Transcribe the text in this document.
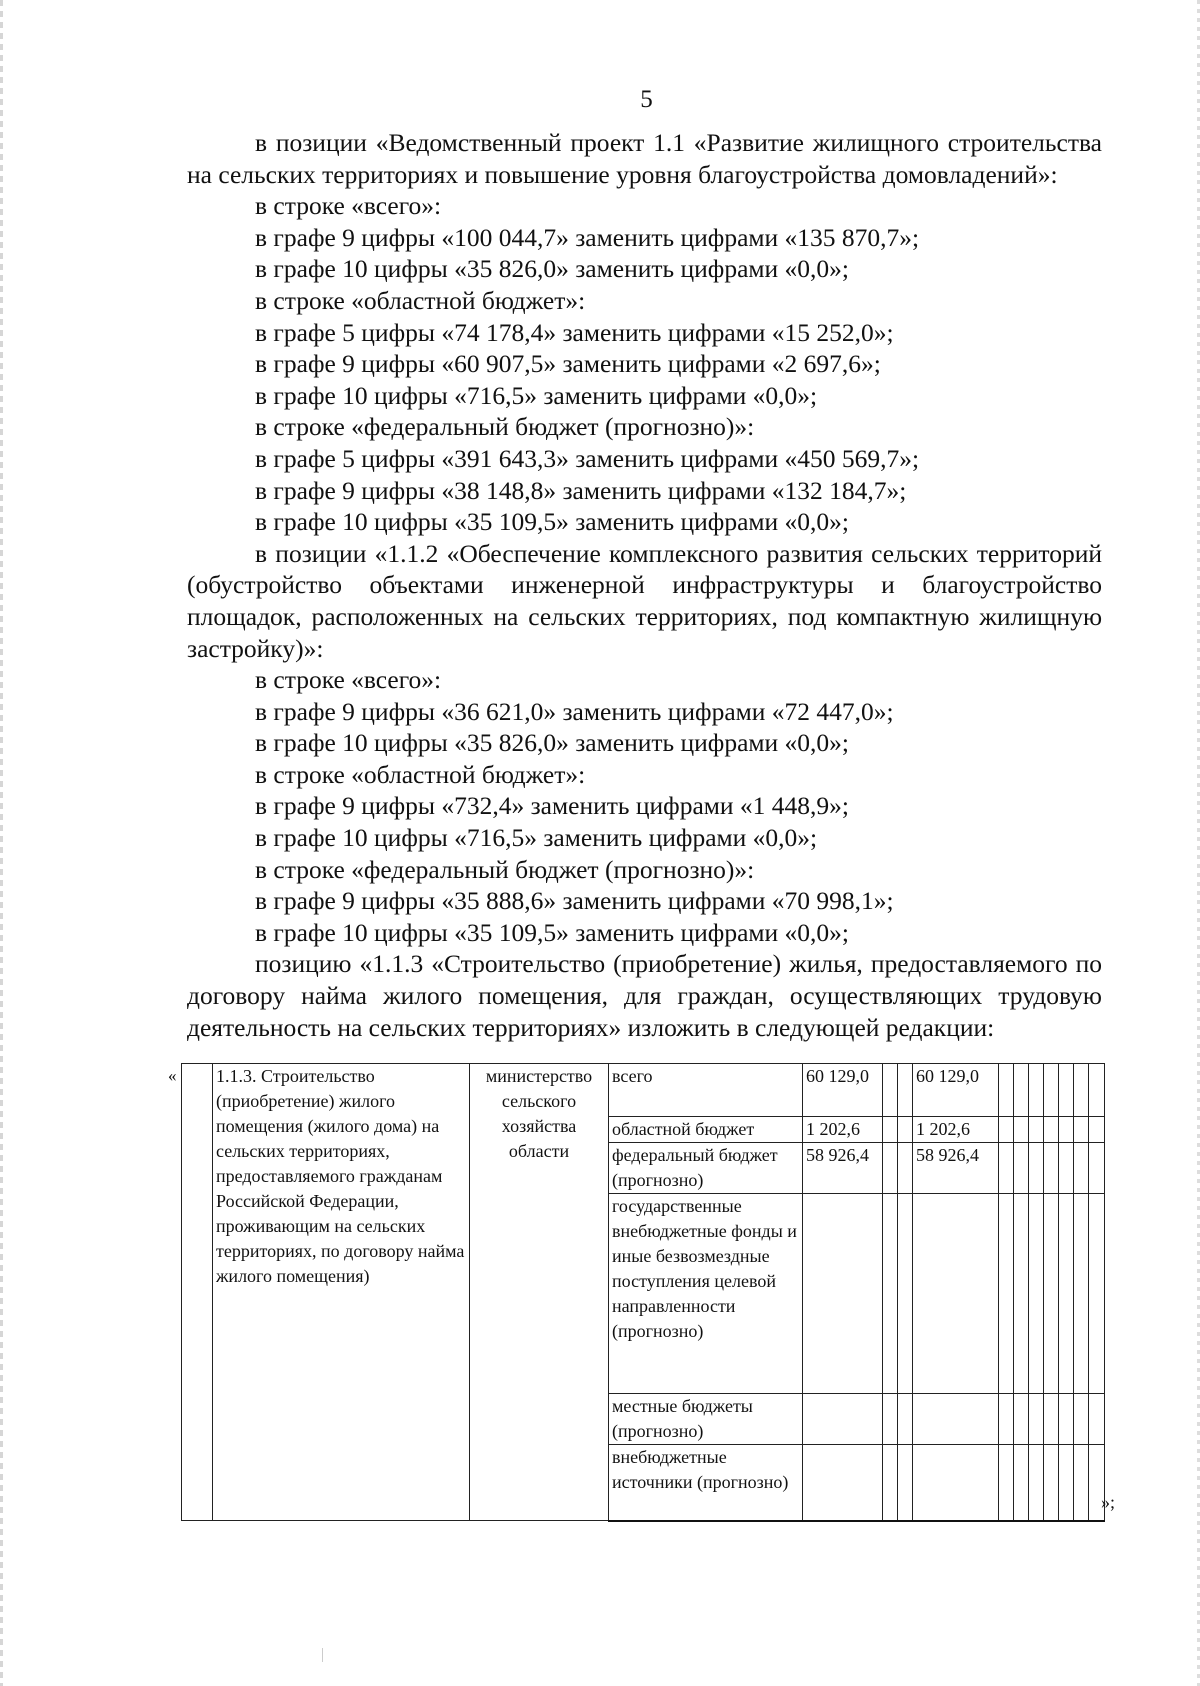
5

в позиции «Ведомственный проект 1.1 «Развитие жилищного строительства на сельских территориях и повышение уровня благоустройства домовладений»:

в строке «всего»:

в графе 9 цифры «100 044,7» заменить цифрами «135 870,7»;

в графе 10 цифры «35 826,0» заменить цифрами «0,0»;

в строке «областной бюджет»:

в графе 5 цифры «74 178,4» заменить цифрами «15 252,0»;

в графе 9 цифры «60 907,5» заменить цифрами «2 697,6»;

в графе 10 цифры «716,5» заменить цифрами «0,0»;

в строке «федеральный бюджет (прогнозно)»:

в графе 5 цифры «391 643,3» заменить цифрами «450 569,7»;

в графе 9 цифры «38 148,8» заменить цифрами «132 184,7»;

в графе 10 цифры «35 109,5» заменить цифрами «0,0»;

в позиции «1.1.2 «Обеспечение комплексного развития сельских территорий (обустройство объектами инженерной инфраструктуры и благоустройство площадок, расположенных на сельских территориях, под компактную жилищную застройку)»:

в строке «всего»:

в графе 9 цифры «36 621,0» заменить цифрами «72 447,0»;

в графе 10 цифры «35 826,0» заменить цифрами «0,0»;

в строке «областной бюджет»:

в графе 9 цифры «732,4» заменить цифрами «1 448,9»;

в графе 10 цифры «716,5» заменить цифрами «0,0»;

в строке «федеральный бюджет (прогнозно)»:

в графе 9 цифры «35 888,6» заменить цифрами «70 998,1»;

в графе 10 цифры «35 109,5» заменить цифрами «0,0»;

позицию «1.1.3 «Строительство (приобретение) жилья, предоставляемого по договору найма жилого помещения, для граждан, осуществляющих трудовую деятельность на сельских территориях» изложить в следующей редакции:

«
	1.1.3. Строительство (приобретение) жилого помещения (жилого дома) на сельских территориях, предоставляемого гражданам Российской Федерации, проживающим на сельских территориях, по договору найма жилого помещения)	министерство сельского хозяйства области	всего	60 129,0			60 129,0							
			областной бюджет	1 202,6			1 202,6							
			федеральный бюджет (прогнозно)	58 926,4			58 926,4							
			государственные внебюджетные фонды и иные безвозмездные поступления целевой направленности (прогнозно)											
			местные бюджеты (прогнозно)											
			внебюджетные источники (прогнозно)											
»;
